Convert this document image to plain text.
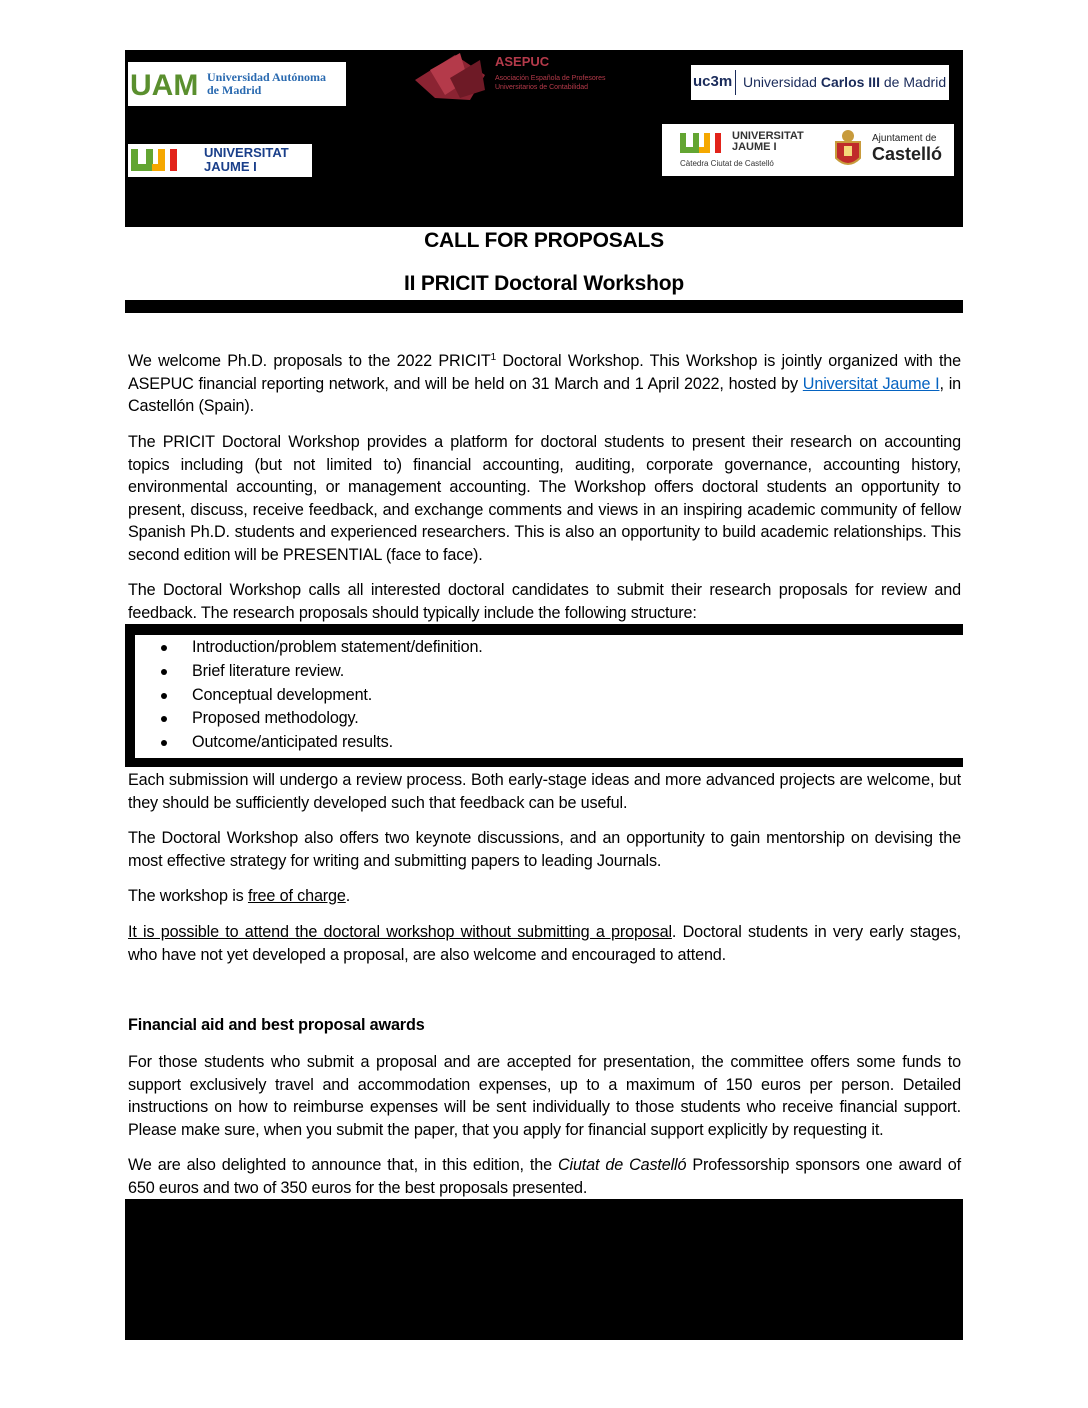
UAM Universidad Autónoma
de Madrid
ASEPUC
Asociación Española de Profesores
Universitarios de Contabilidad	uc3m Universidad Carlos III de Madrid
UNIVERSITAT
JAUME I
UNIVERSITAT
JAUME I
Càtedra Ciutat de Castelló
Ajuntament de
Castelló
CALL FOR PROPOSALS
II PRICIT Doctoral Workshop
We welcome Ph.D. proposals to the 2022 PRICIT$^1$ Doctoral Workshop. This Workshop is jointly organized with the ASEPUC financial reporting network, and will be held on 31 March and 1 April 2022, hosted by Universitat Jaume I, in Castellón (Spain).
The PRICIT Doctoral Workshop provides a platform for doctoral students to present their research on accounting topics including (but not limited to) financial accounting, auditing, corporate governance, accounting history, environmental accounting, or management accounting. The Workshop offers doctoral students an opportunity to present, discuss, receive feedback, and exchange comments and views in an inspiring academic community of fellow Spanish Ph.D. students and experienced researchers. This is also an opportunity to build academic relationships. This second edition will be PRESENTIAL (face to face).
The Doctoral Workshop calls all interested doctoral candidates to submit their research proposals for review and feedback. The research proposals should typically include the following structure:
Introduction/problem statement/definition.
Brief literature review.
Conceptual development.
Proposed methodology.
Outcome/anticipated results.
Each submission will undergo a review process. Both early-stage ideas and more advanced projects are welcome, but they should be sufficiently developed such that feedback can be useful.
The Doctoral Workshop also offers two keynote discussions, and an opportunity to gain mentorship on devising the most effective strategy for writing and submitting papers to leading Journals.
The workshop is free of charge.
It is possible to attend the doctoral workshop without submitting a proposal. Doctoral students in very early stages, who have not yet developed a proposal, are also welcome and encouraged to attend.
Financial aid and best proposal awards
For those students who submit a proposal and are accepted for presentation, the committee offers some funds to support exclusively travel and accommodation expenses, up to a maximum of 150 euros per person. Detailed instructions on how to reimburse expenses will be sent individually to those students who receive financial support. Please make sure, when you submit the paper, that you apply for financial support explicitly by requesting it.
We are also delighted to announce that, in this edition, the Ciutat de Castelló Professorship sponsors one award of 650 euros and two of 350 euros for the best proposals presented.
